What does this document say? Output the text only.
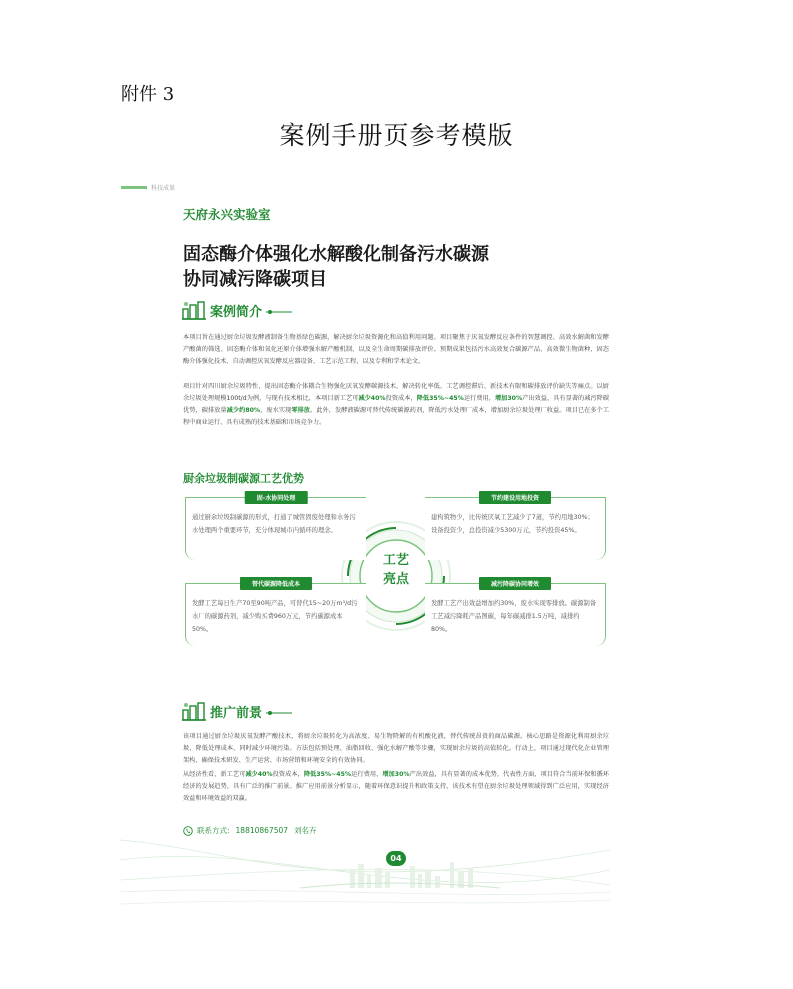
附件 3
案例手册页参考模版
科技成果
天府永兴实验室
固态酶介体强化水解酸化制备污水碳源
协同减污降碳项目
案例简介
本项目旨在通过厨余垃圾发酵液制备生物基绿色碳源，解决厨余垃圾资源化和高值利用问题。项目聚焦于厌氧发酵反应条件的智慧调控、高效水解菌和发酵产酸菌的筛选、固态酶介体和氧化还原介体增强水解产酸机制，以及全生命周期碳排放评价。预期成果包括污水高效复合碳源产品、高效微生物菌种、固态酶介体强化技术、自动调控厌氧发酵反应器设备、工艺示范工程，以及专利和学术论文。
项目针对四川厨余垃圾特性，提出固态酶介体耦合生物强化厌氧发酵碳源技术，解决转化率低、工艺调控滞后、新技术有限和碳排放评价缺失等痛点。以厨余垃圾处理规模100t/d为例，与现有技术相比，本项目新工艺可减少40%投资成本，降低35%~45%运行费用，增加30%产出效益，具有显著的减污降碳优势，碳排放量减少约80%，废水实现零排放。此外，发酵液碳源可替代传统碳源药剂，降低污水处理厂成本，增加厨余垃圾处理厂收益。项目已在多个工程中商业运行，具有成熟的技术基础和市场竞争力。
厨余垃圾制碳源工艺优势
工艺
亮点
固-水协同处理
通过厨余垃圾制碳源的形式，打通了城管固废处理和水务污水处理两个重要环节，充分体现城市内循环的理念。
节约建设用地投资
建构筑物少，比传统厌氧工艺减少了7道，节约用地30%；设备投资少，总投资减少5300万元，节约投资45%。
替代碳源降低成本
发酵工艺每日生产70至90吨产品，可替代15~20万m³/d污水厂的碳源药剂，减少购买费960万元，节约碳源成本50%。
减污降碳协同增效
发酵工艺产出效益增加约30%，废水实现零排放。碳源制备工艺减污降耗产品图碳，每年碳减排1.5万吨，减排约80%。
推广前景
该项目通过厨余垃圾厌氧发酵产酸技术，将厨余垃圾转化为高浓度、易生物降解的有机酸化液，替代传统昂贵的商品碳源。核心思路是资源化利用厨余垃圾，降低处理成本，同时减少环境污染。方法包括预处理、油脂回收、强化水解产酸等步骤，实现厨余垃圾的高值转化。行动上，项目通过现代化企业管理架构，确保技术研发、生产运营、市场营销和环境安全的有效协同。
从经济性看，新工艺可减少40%投资成本，降低35%~45%运行费用，增加30%产出效益，具有显著的成本优势，代表性方面，项目符合当前环保和循环经济的发展趋势，具有广泛的推广前景。推广应用前景分析显示，随着环保意识提升和政策支持，该技术有望在厨余垃圾处理领域得到广泛应用，实现经济效益和环境效益的双赢。
联系方式: 18810867507 刘名卉
04
